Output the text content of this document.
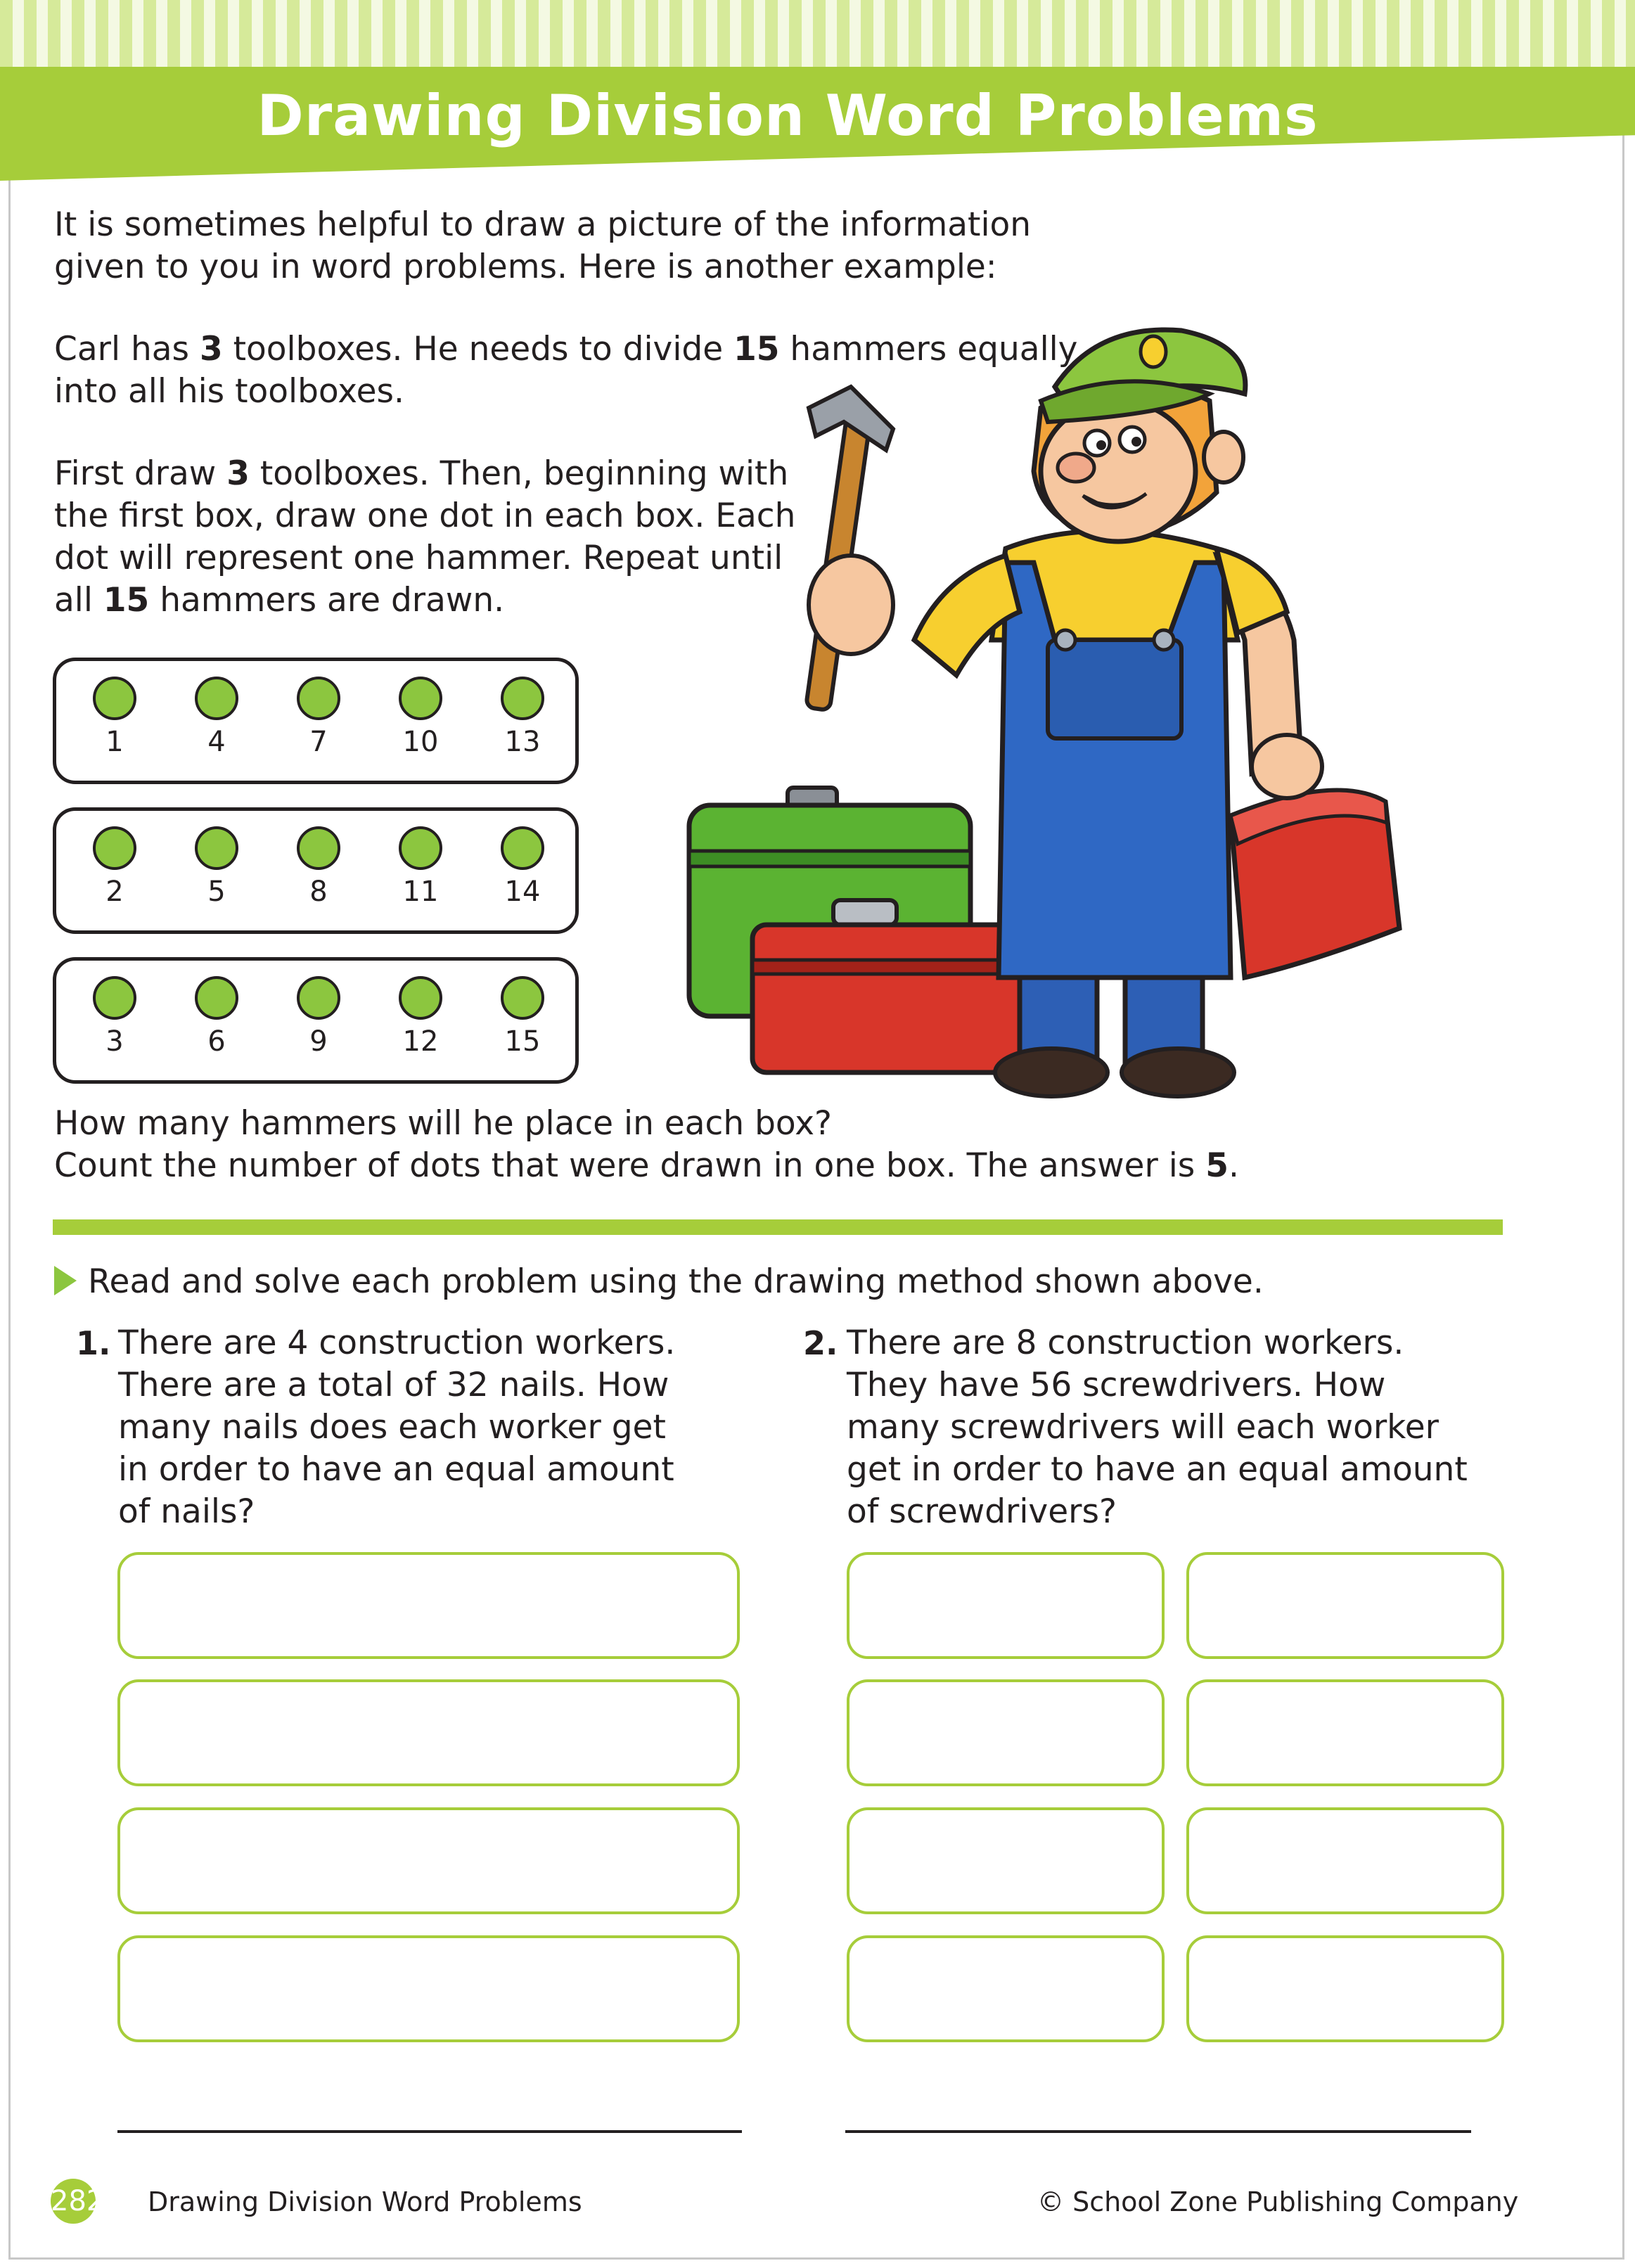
Drawing Division Word Problems
It is sometimes helpful to draw a picture of the information
given to you in word problems. Here is another example:
Carl has 3 toolboxes. He needs to divide 15 hammers equally
into all his toolboxes.
First draw 3 toolboxes. Then, beginning with
the first box, draw one dot in each box. Each
dot will represent one hammer. Repeat until
all 15 hammers are drawn.
1	4	7	10	13
2	5	8	11	14
3	6	9	12	15
How many hammers will he place in each box?
Count the number of dots that were drawn in one box. The answer is 5.
Read and solve each problem using the drawing method shown above.
1. There are 4 construction workers.
There are a total of 32 nails. How
many nails does each worker get
in order to have an equal amount
of nails?
2. There are 8 construction workers.
They have 56 screwdrivers. How
many screwdrivers will each worker
get in order to have an equal amount
of screwdrivers?
282 Drawing Division Word Problems	© School Zone Publishing Company
